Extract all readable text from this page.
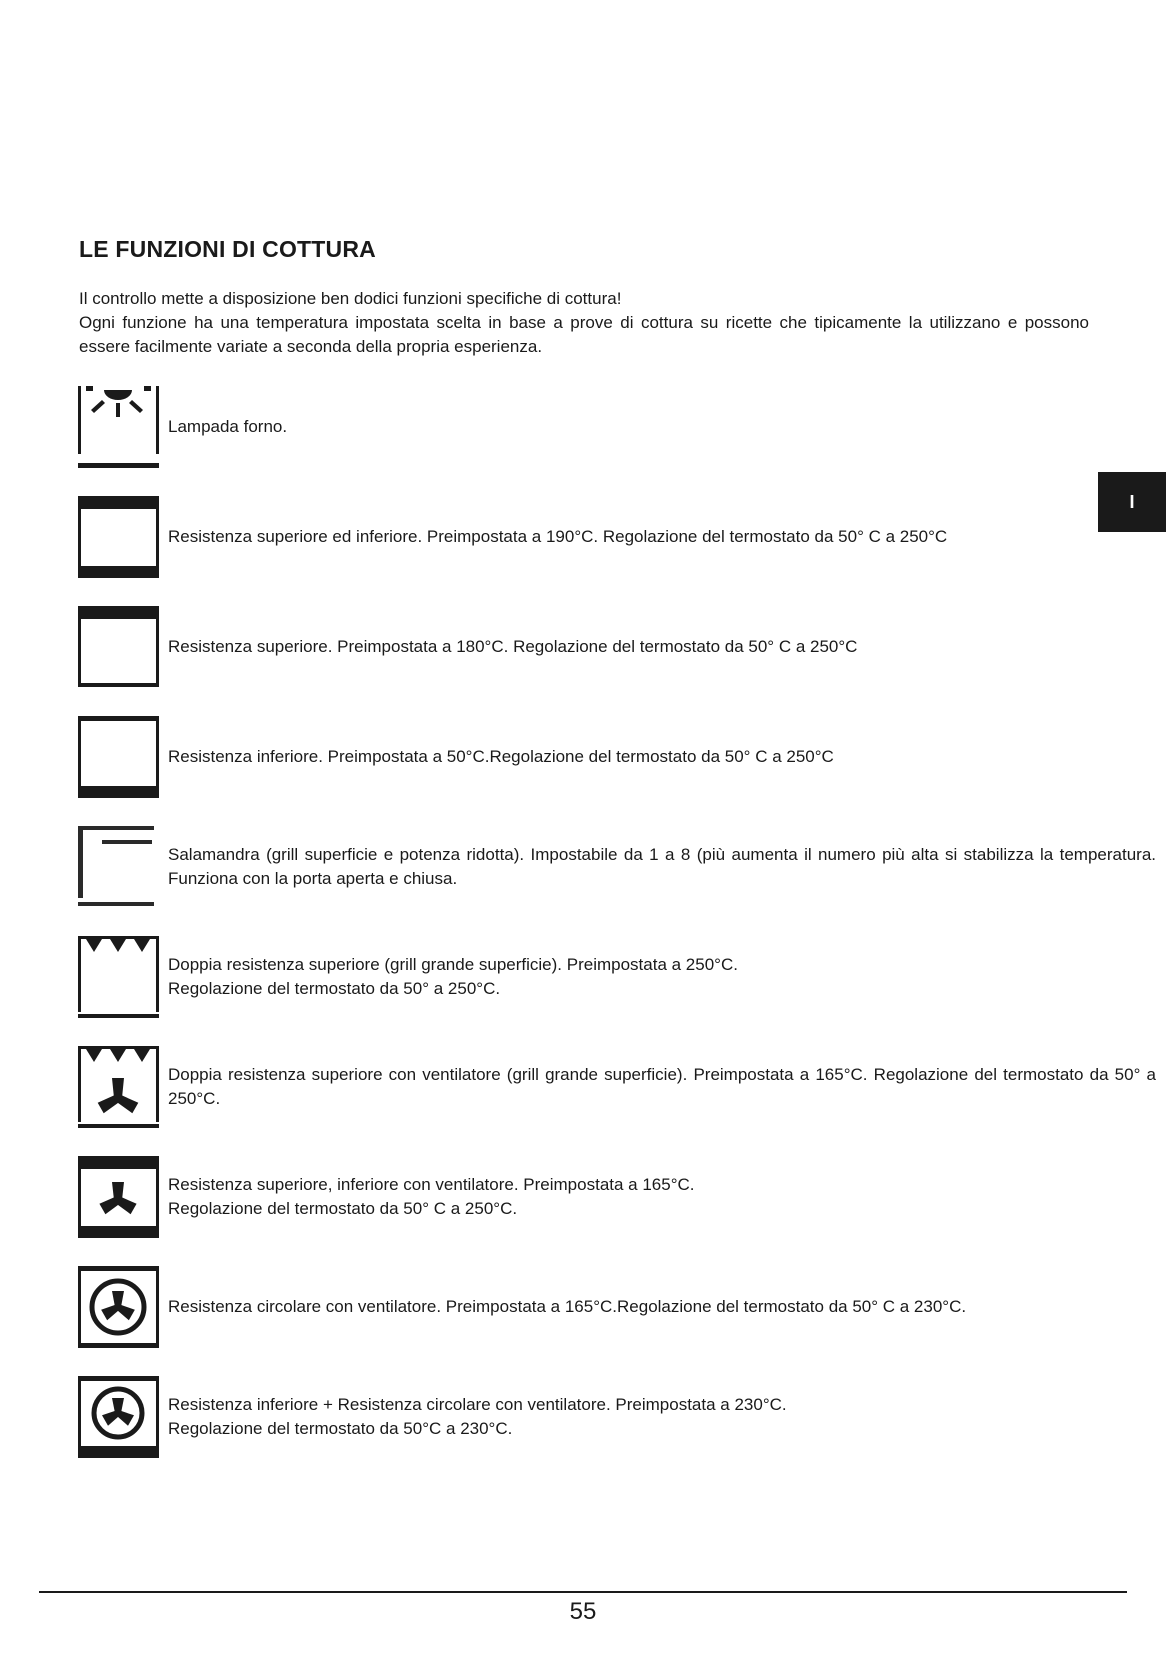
LE FUNZIONI DI COTTURA

Il controllo mette a disposizione ben dodici funzioni specifiche di cottura!

Ogni funzione ha una temperatura impostata scelta in base a prove di cottura su ricette che tipicamente la utilizzano e possono essere facilmente variate a seconda della propria esperienza.

I
Lampada forno.
Resistenza superiore ed inferiore. Preimpostata a 190°C. Regolazione del termostato da 50° C a 250°C
Resistenza superiore. Preimpostata a 180°C. Regolazione del termostato da 50° C a 250°C
Resistenza inferiore. Preimpostata a 50°C.Regolazione del termostato da 50° C a 250°C
Salamandra (grill superficie e potenza ridotta). Impostabile da 1 a 8 (più aumenta il numero più alta si stabilizza la temperatura. Funziona con la porta aperta e chiusa.
Doppia resistenza superiore (grill grande superficie). Preimpostata a 250°C.
Regolazione del termostato da 50° a 250°C.
Doppia resistenza superiore con ventilatore (grill grande superficie). Preimpostata a 165°C. Regolazione del termostato da 50° a 250°C.
Resistenza superiore, inferiore con ventilatore. Preimpostata a 165°C.
Regolazione del termostato da 50° C a 250°C.
Resistenza circolare con ventilatore. Preimpostata a 165°C.Regolazione del termostato da 50° C a 230°C.
Resistenza inferiore + Resistenza circolare con ventilatore. Preimpostata a 230°C.
Regolazione del termostato da 50°C a 230°C.
55
